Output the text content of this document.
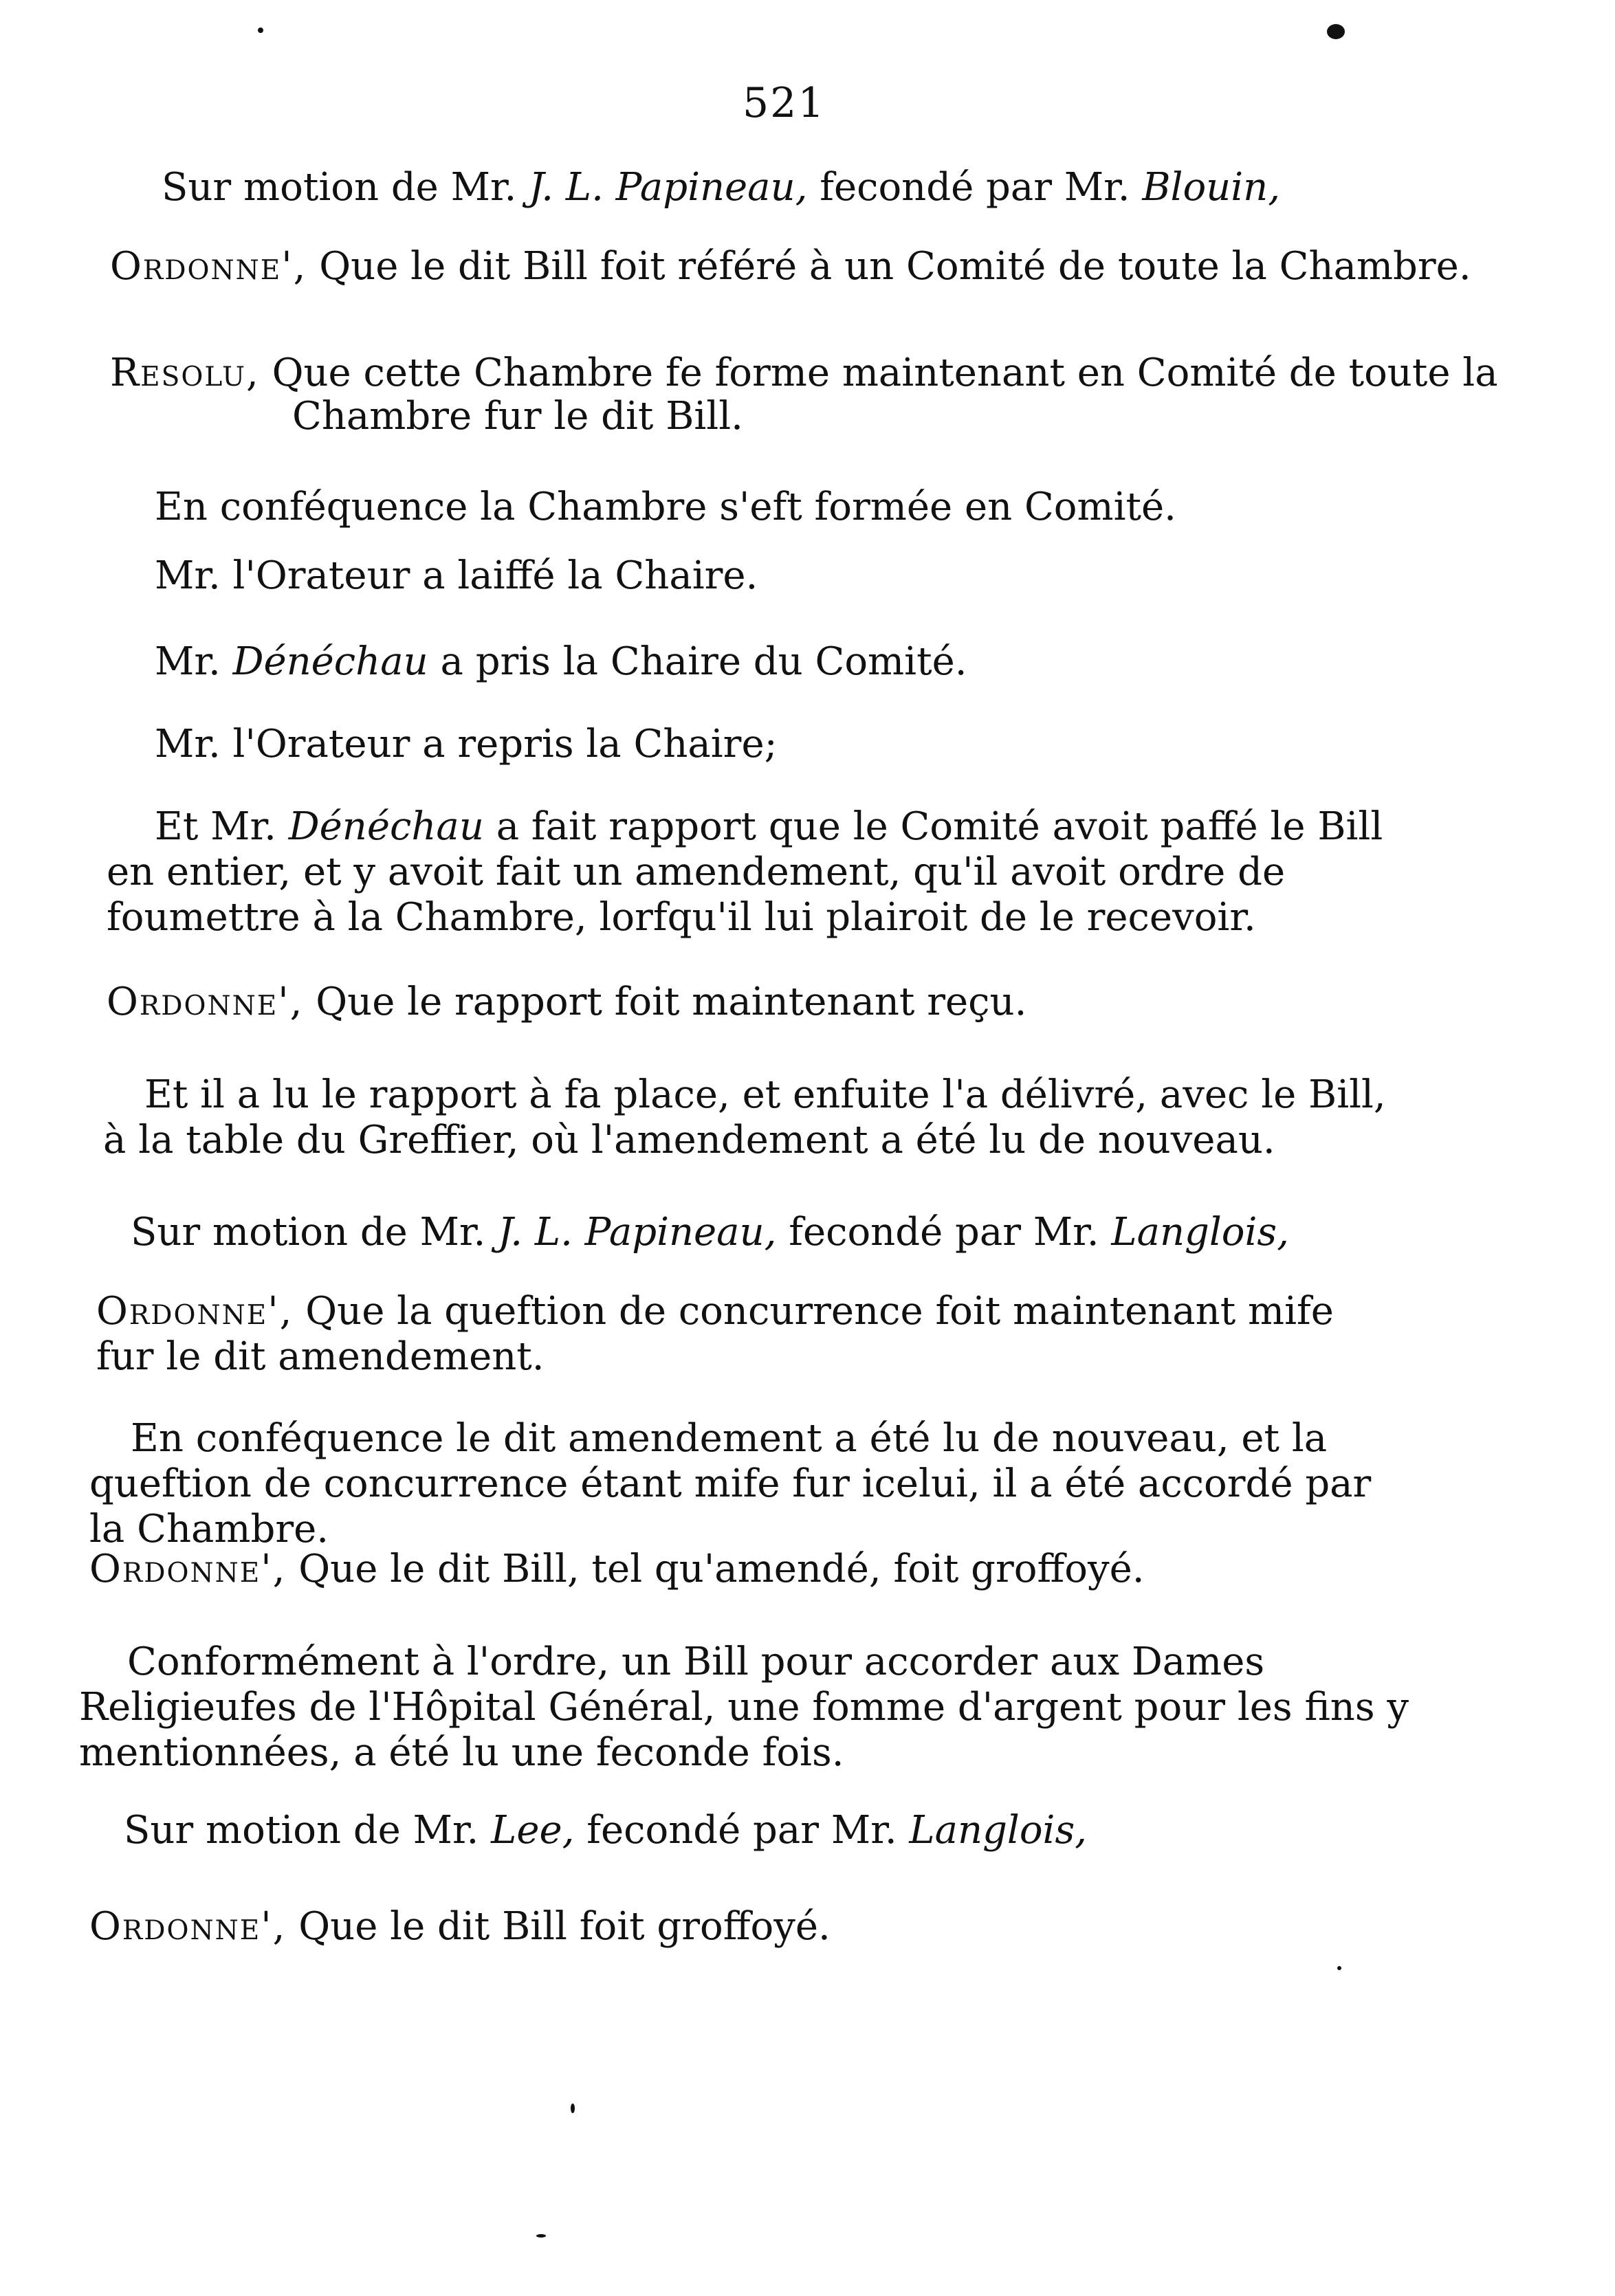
521
Sur motion de Mr. J. L. Papineau, fecondé par Mr. Blouin,
Ordonne', Que le dit Bill foit référé à un Comité de toute la Chambre.
Resolu, Que cette Chambre fe forme maintenant en Comité de toute la
Chambre fur le dit Bill.
En conféquence la Chambre s'eft formée en Comité.
Mr. l'Orateur a laiffé la Chaire.
Mr. Dénéchau a pris la Chaire du Comité.
Mr. l'Orateur a repris la Chaire;
Et Mr. Dénéchau a fait rapport que le Comité avoit paffé le Bill en entier, et y avoit fait un amendement, qu'il avoit ordre de foumettre à la Chambre, lorfqu'il lui plairoit de le recevoir.
Ordonne', Que le rapport foit maintenant reçu.
Et il a lu le rapport à fa place, et enfuite l'a délivré, avec le Bill, à la table du Greffier, où l'amendement a été lu de nouveau.
Sur motion de Mr. J. L. Papineau, fecondé par Mr. Langlois,
Ordonne', Que la queftion de concurrence foit maintenant mife fur le dit amendement.
En conféquence le dit amendement a été lu de nouveau, et la queftion de concurrence étant mife fur icelui, il a été accordé par la Chambre.
Ordonne', Que le dit Bill, tel qu'amendé, foit groffoyé.
Conformément à l'ordre, un Bill pour accorder aux Dames Religieufes de l'Hôpital Général, une fomme d'argent pour les fins y mentionnées, a été lu une feconde fois.
Sur motion de Mr. Lee, fecondé par Mr. Langlois,
Ordonne', Que le dit Bill foit groffoyé.
